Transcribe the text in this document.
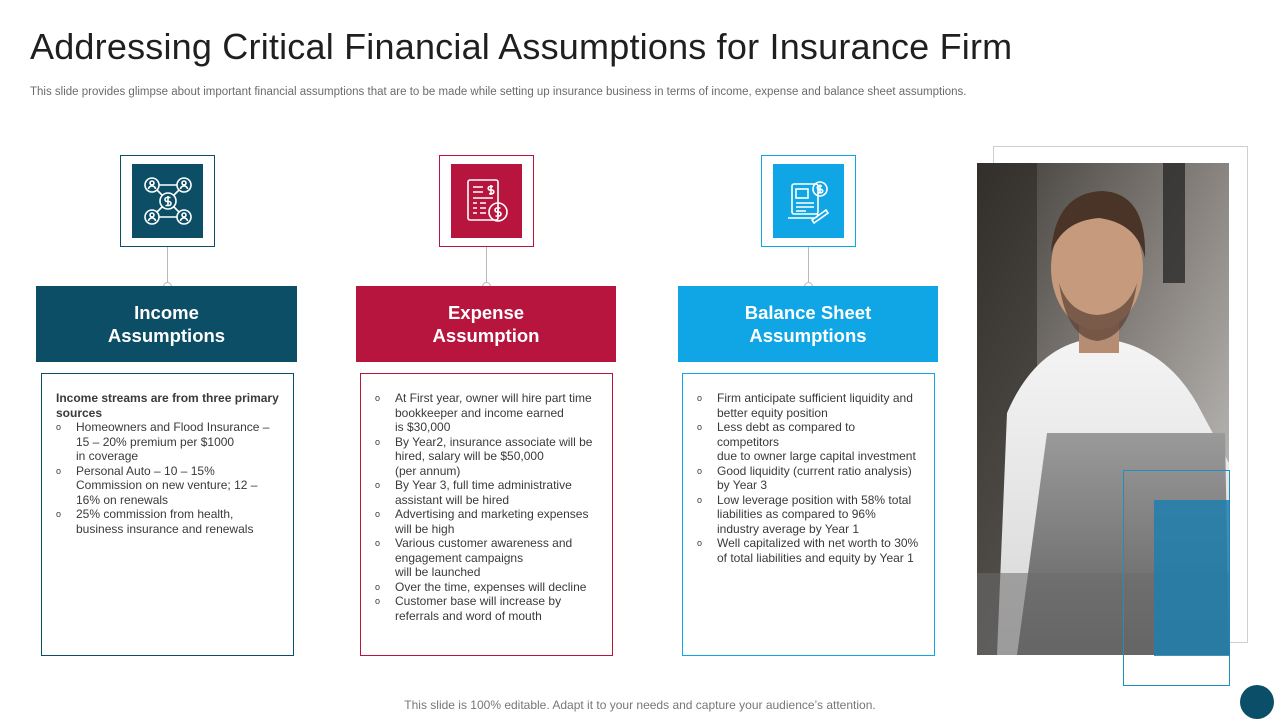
Addressing Critical Financial Assumptions for Insurance Firm
This slide provides glimpse about important financial assumptions that are to be made while setting up insurance business in terms of income, expense and balance sheet assumptions.
Income
Assumptions
Income streams are from three primary sources
o Homeowners and Flood Insurance –
15 – 20% premium per $1000
in coverage
o Personal Auto – 10 – 15%
Commission on new venture; 12 –
16% on renewals
o 25% commission from health,
business insurance and renewals
Expense
Assumption
o At First year, owner will hire part time
bookkeeper and income earned
is $30,000
o By Year2, insurance associate will be
hired, salary will be $50,000
(per annum)
o By Year 3, full time administrative
assistant will be hired
o Advertising and marketing expenses
will be high
o Various customer awareness and
engagement campaigns
will be launched
o Over the time, expenses will decline
o Customer base will increase by
referrals and word of mouth
Balance Sheet
Assumptions
o Firm anticipate sufficient liquidity and
better equity position
o Less debt as compared to competitors
due to owner large capital investment
o Good liquidity (current ratio analysis)
by Year 3
o Low leverage position with 58% total
liabilities as compared to 96%
industry average by Year 1
o Well capitalized with net worth to 30%
of total liabilities and equity by Year 1
This slide is 100% editable. Adapt it to your needs and capture your audience’s attention.
